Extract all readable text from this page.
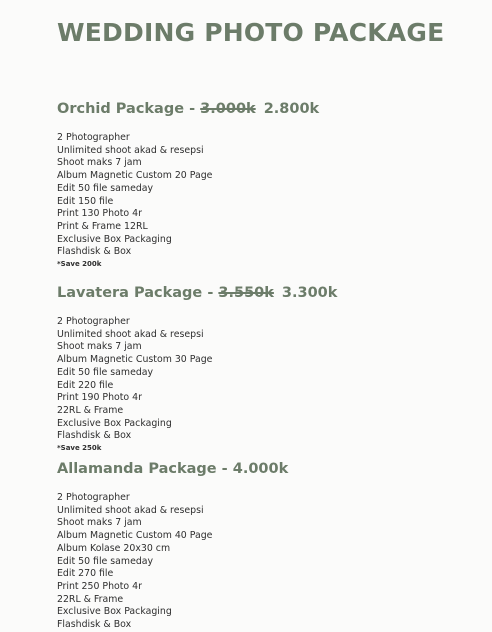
WEDDING PHOTO PACKAGE
Orchid Package - 3.000k 2.800k
2 Photographer
Unlimited shoot akad & resepsi
Shoot maks 7 jam
Album Magnetic Custom 20 Page
Edit 50 file sameday
Edit 150 file
Print 130 Photo 4r
Print & Frame 12RL
Exclusive Box Packaging
Flashdisk & Box

*Save 200k

Lavatera Package - 3.550k 3.300k
2 Photographer
Unlimited shoot akad & resepsi
Shoot maks 7 jam
Album Magnetic Custom 30 Page
Edit 50 file sameday
Edit 220 file
Print 190 Photo 4r
22RL & Frame
Exclusive Box Packaging
Flashdisk & Box

*Save 250k

Allamanda Package - 4.000k
2 Photographer
Unlimited shoot akad & resepsi
Shoot maks 7 jam
Album Magnetic Custom 40 Page
Album Kolase 20x30 cm
Edit 50 file sameday
Edit 270 file
Print 250 Photo 4r
22RL & Frame
Exclusive Box Packaging
Flashdisk & Box
